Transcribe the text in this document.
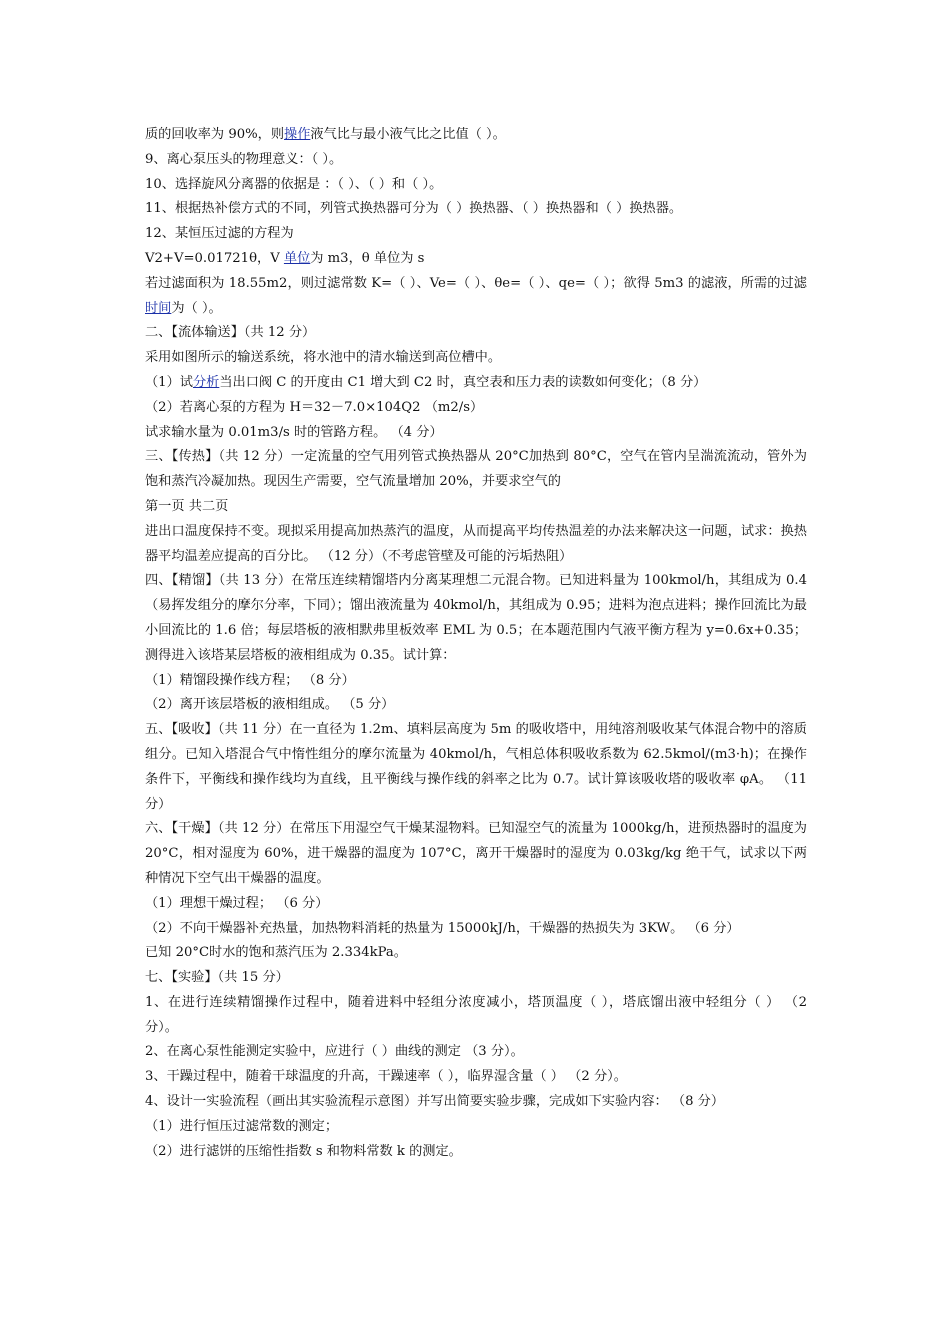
质的回收率为 90%，则操作液气比与最小液气比之比值（ ）。
9、离心泵压头的物理意义：（ ）。
10、选择旋风分离器的依据是 ：（ ）、（ ）和（ ）。
11、根据热补偿方式的不同，列管式换热器可分为（ ）换热器、（ ）换热器和（ ）换热器。
12、某恒压过滤的方程为
V2+V=0.01721θ，V 单位为 m3，θ 单位为 s
若过滤面积为 18.55m2，则过滤常数 K=（ ）、Ve=（ ）、θe=（ ）、qe=（ ）；欲得 5m3 的滤液，所需的过滤时间为（ ）。
二、【流体输送】（共 12 分）
采用如图所示的输送系统，将水池中的清水输送到高位槽中。
（1）试分析当出口阀 C 的开度由 C1 增大到 C2 时，真空表和压力表的读数如何变化；（8 分）
（2）若离心泵的方程为 H＝32－7.0×104Q2 （m2/s）
试求输水量为 0.01m3/s 时的管路方程。 （4 分）
三、【传热】（共 12 分）一定流量的空气用列管式换热器从 20°C加热到 80°C，空气在管内呈湍流流动，管外为饱和蒸汽冷凝加热。现因生产需要，空气流量增加 20%，并要求空气的
第一页 共二页
进出口温度保持不变。现拟采用提高加热蒸汽的温度，从而提高平均传热温差的办法来解决这一问题，试求：换热器平均温差应提高的百分比。 （12 分）（不考虑管壁及可能的污垢热阻）
四、【精馏】（共 13 分）在常压连续精馏塔内分离某理想二元混合物。已知进料量为 100kmol/h，其组成为 0.4（易挥发组分的摩尔分率，下同）；馏出液流量为 40kmol/h，其组成为 0.95；进料为泡点进料；操作回流比为最小回流比的 1.6 倍；每层塔板的液相默弗里板效率 EML 为 0.5；在本题范围内气液平衡方程为 y=0.6x+0.35；测得进入该塔某层塔板的液相组成为 0.35。试计算：
（1）精馏段操作线方程； （8 分）
（2）离开该层塔板的液相组成。 （5 分）
五、【吸收】（共 11 分）在一直径为 1.2m、填料层高度为 5m 的吸收塔中，用纯溶剂吸收某气体混合物中的溶质组分。已知入塔混合气中惰性组分的摩尔流量为 40kmol/h，气相总体积吸收系数为 62.5kmol/(m3·h)；在操作条件下，平衡线和操作线均为直线，且平衡线与操作线的斜率之比为 0.7。试计算该吸收塔的吸收率 φA。 （11 分）
六、【干燥】（共 12 分）在常压下用湿空气干燥某湿物料。已知湿空气的流量为 1000kg/h，进预热器时的温度为 20°C，相对湿度为 60%，进干燥器的温度为 107°C，离开干燥器时的湿度为 0.03kg/kg 绝干气，试求以下两种情况下空气出干燥器的温度。
（1）理想干燥过程； （6 分）
（2）不向干燥器补充热量，加热物料消耗的热量为 15000kJ/h，干燥器的热损失为 3KW。 （6 分）
已知 20°C时水的饱和蒸汽压为 2.334kPa。
七、【实验】（共 15 分）
1、在进行连续精馏操作过程中，随着进料中轻组分浓度减小，塔顶温度（ ），塔底馏出液中轻组分（ ） （2 分）。
2、在离心泵性能测定实验中，应进行（ ）曲线的测定 （3 分）。
3、干躁过程中，随着干球温度的升高，干躁速率（ ），临界湿含量（ ） （2 分）。
4、设计一实验流程（画出其实验流程示意图）并写出简要实验步骤，完成如下实验内容： （8 分）
（1）进行恒压过滤常数的测定；
（2）进行滤饼的压缩性指数 s 和物料常数 k 的测定。
